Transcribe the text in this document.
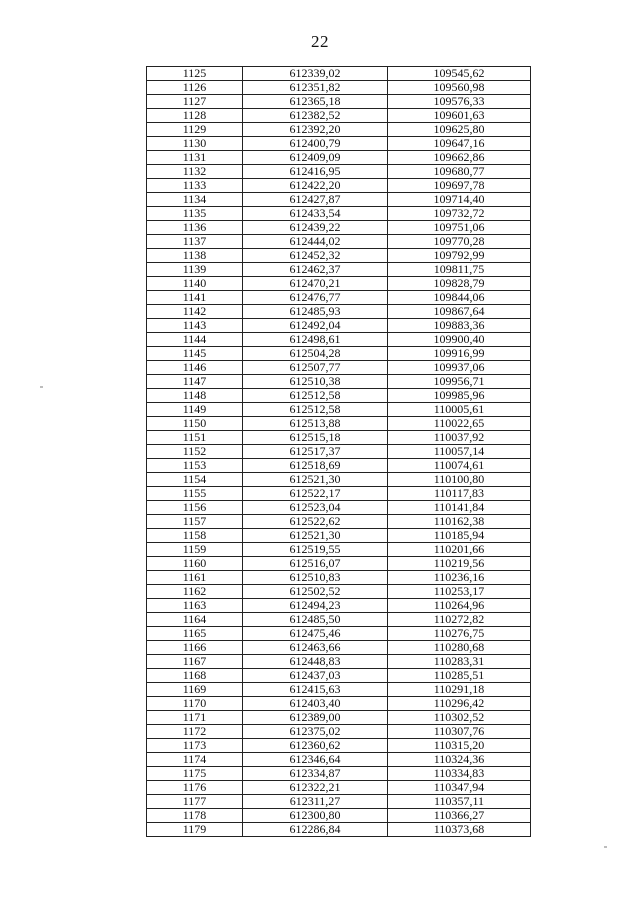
22
1125	612339,02	109545,62
1126	612351,82	109560,98
1127	612365,18	109576,33
1128	612382,52	109601,63
1129	612392,20	109625,80
1130	612400,79	109647,16
1131	612409,09	109662,86
1132	612416,95	109680,77
1133	612422,20	109697,78
1134	612427,87	109714,40
1135	612433,54	109732,72
1136	612439,22	109751,06
1137	612444,02	109770,28
1138	612452,32	109792,99
1139	612462,37	109811,75
1140	612470,21	109828,79
1141	612476,77	109844,06
1142	612485,93	109867,64
1143	612492,04	109883,36
1144	612498,61	109900,40
1145	612504,28	109916,99
1146	612507,77	109937,06
1147	612510,38	109956,71
1148	612512,58	109985,96
1149	612512,58	110005,61
1150	612513,88	110022,65
1151	612515,18	110037,92
1152	612517,37	110057,14
1153	612518,69	110074,61
1154	612521,30	110100,80
1155	612522,17	110117,83
1156	612523,04	110141,84
1157	612522,62	110162,38
1158	612521,30	110185,94
1159	612519,55	110201,66
1160	612516,07	110219,56
1161	612510,83	110236,16
1162	612502,52	110253,17
1163	612494,23	110264,96
1164	612485,50	110272,82
1165	612475,46	110276,75
1166	612463,66	110280,68
1167	612448,83	110283,31
1168	612437,03	110285,51
1169	612415,63	110291,18
1170	612403,40	110296,42
1171	612389,00	110302,52
1172	612375,02	110307,76
1173	612360,62	110315,20
1174	612346,64	110324,36
1175	612334,87	110334,83
1176	612322,21	110347,94
1177	612311,27	110357,11
1178	612300,80	110366,27
1179	612286,84	110373,68
